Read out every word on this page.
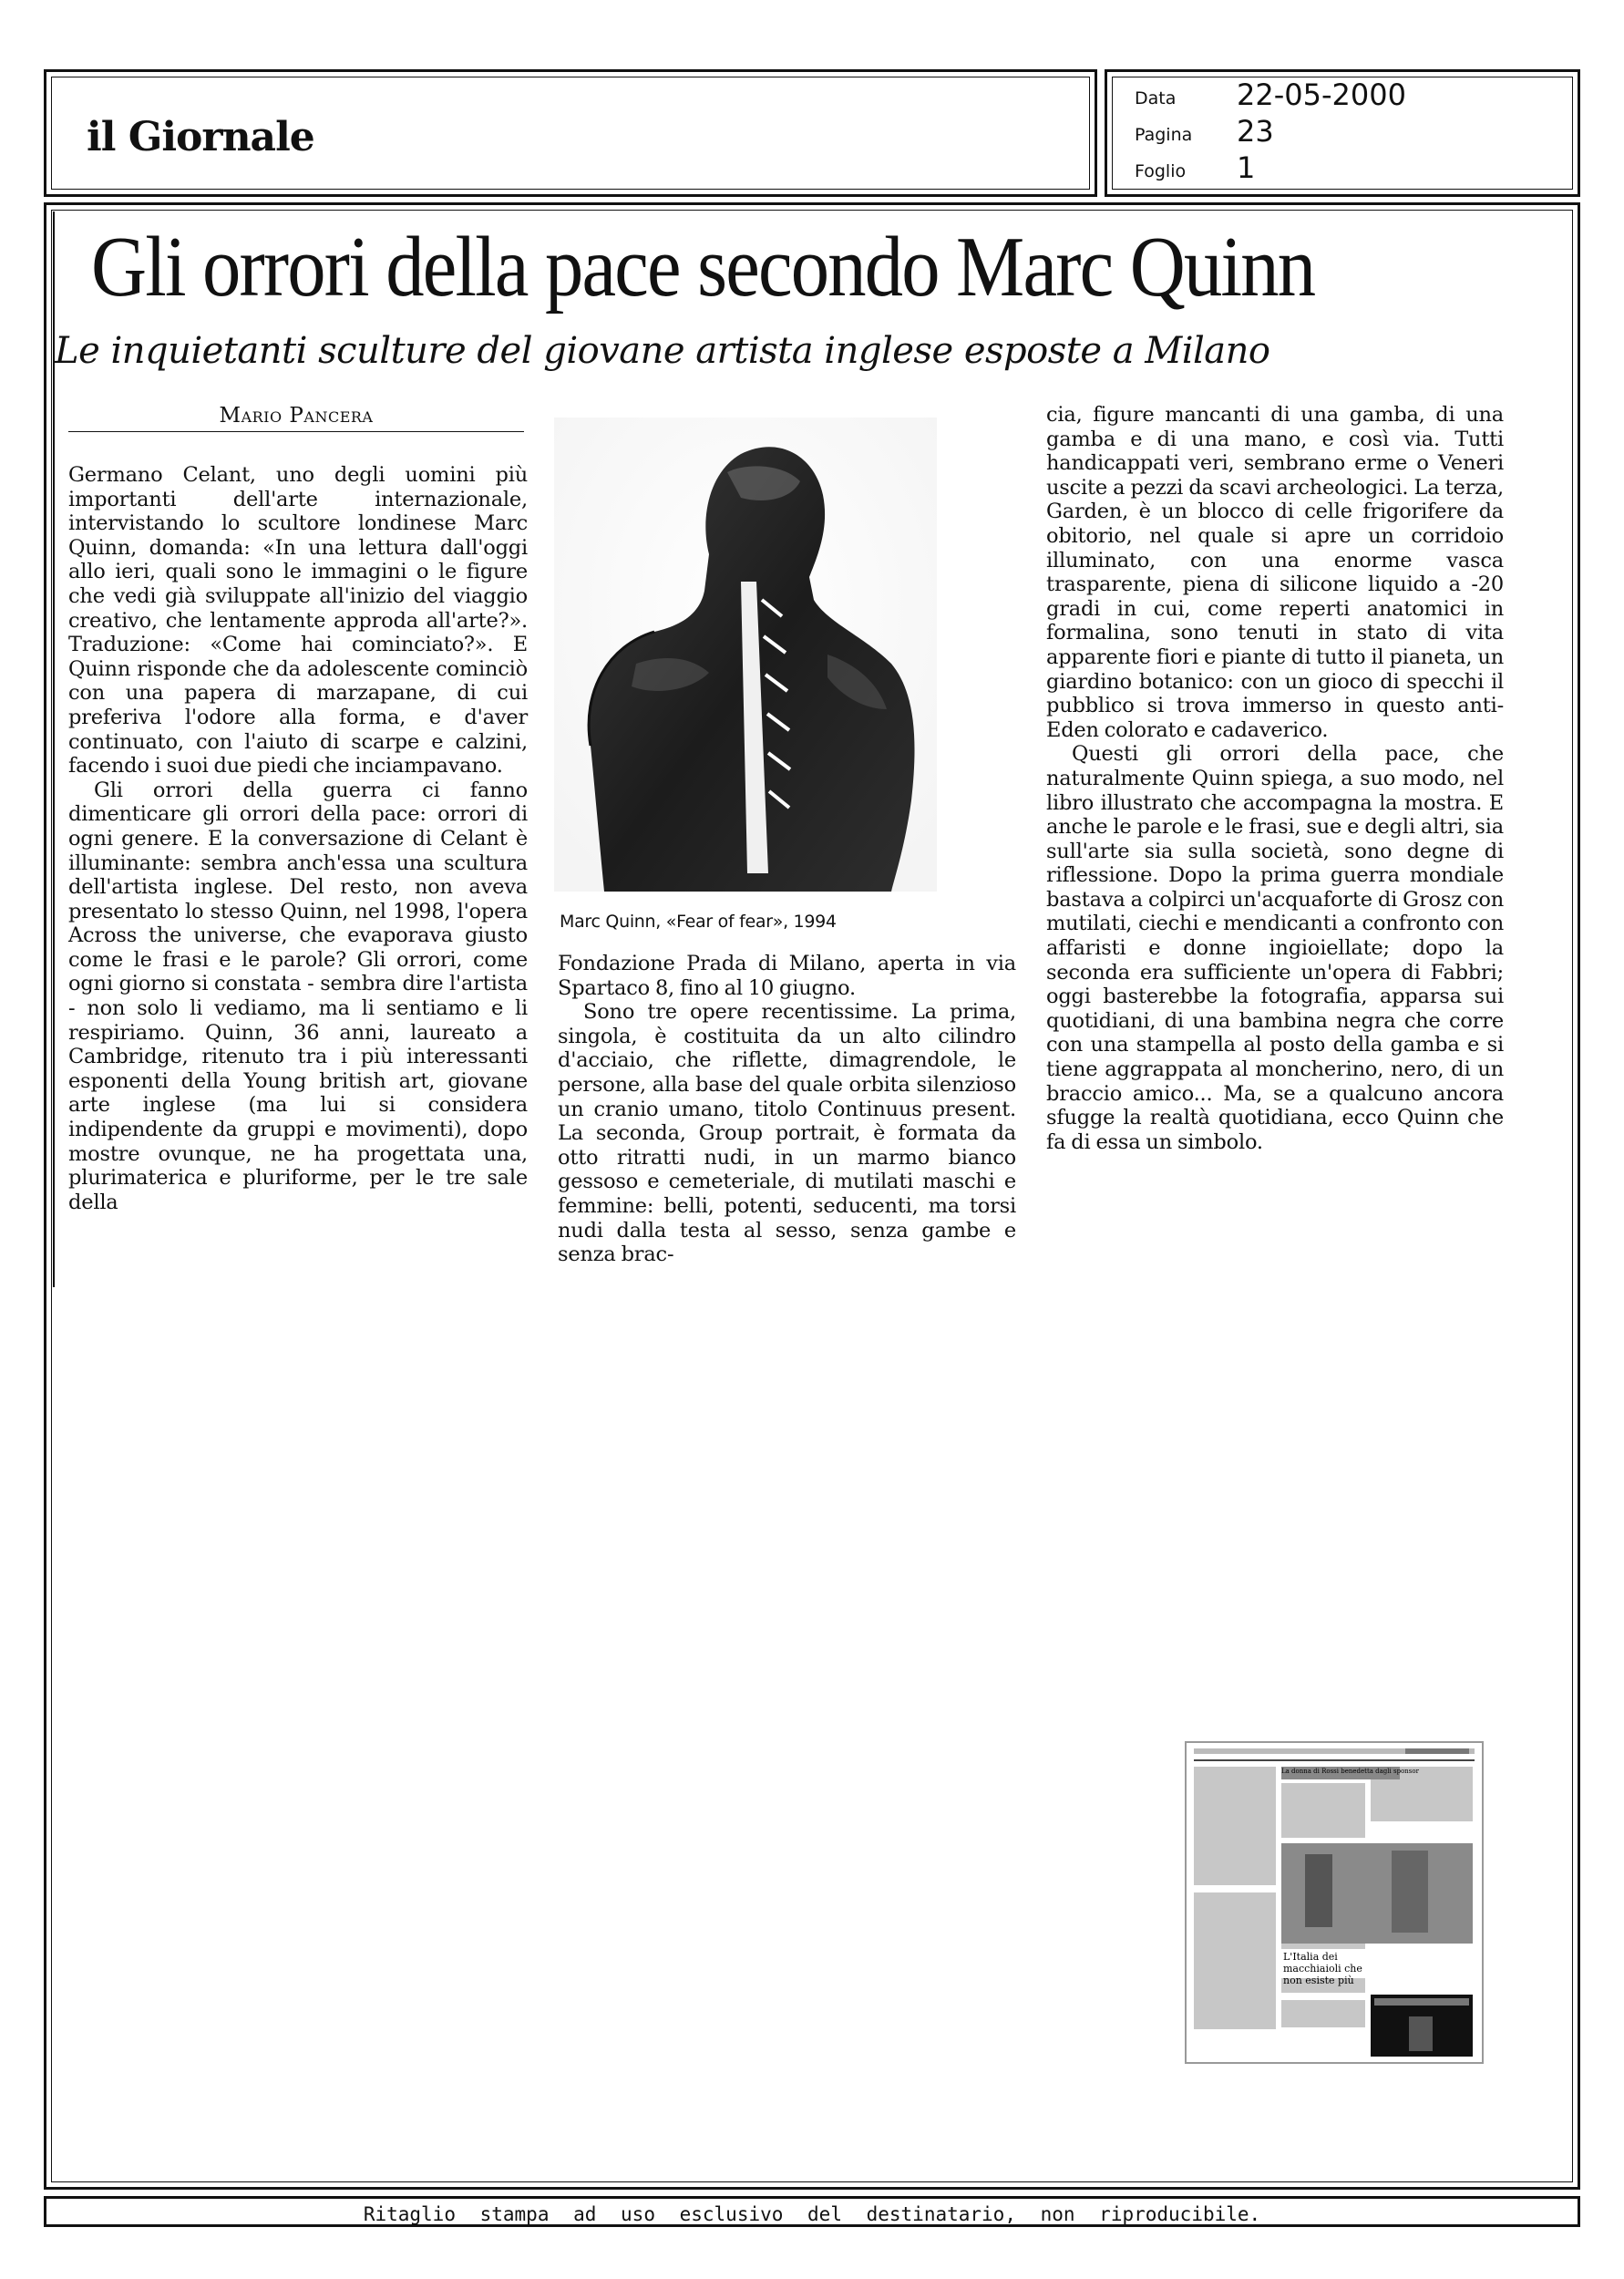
il Giornale
Data 22-05-2000
Pagina 23
Foglio 1
Gli orrori della pace secondo Marc Quinn
Le inquietanti sculture del giovane artista inglese esposte a Milano
Mario Pancera

Germano Celant, uno degli uomini più importanti dell'arte internazionale, intervistando lo scultore londinese Marc Quinn, domanda: «In una lettura dall'oggi allo ieri, quali sono le immagini o le figure che vedi già sviluppate all'inizio del viaggio creativo, che lentamente approda all'arte?». Traduzione: «Come hai cominciato?». E Quinn risponde che da adolescente cominciò con una papera di marzapane, di cui preferiva l'odore alla forma, e d'aver continuato, con l'aiuto di scarpe e calzini, facendo i suoi due piedi che inciampavano.

Gli orrori della guerra ci fanno dimenticare gli orrori della pace: orrori di ogni genere. E la conversazione di Celant è illuminante: sembra anch'essa una scultura dell'artista inglese. Del resto, non aveva presentato lo stesso Quinn, nel 1998, l'opera Across the universe, che evaporava giusto come le frasi e le parole? Gli orrori, come ogni giorno si constata - sembra dire l'artista - non solo li vediamo, ma li sentiamo e li respiriamo. Quinn, 36 anni, laureato a Cambridge, ritenuto tra i più interessanti esponenti della Young british art, giovane arte inglese (ma lui si considera indipendente da gruppi e movimenti), dopo mostre ovunque, ne ha progettata una, plurimaterica e pluriforme, per le tre sale della

Marc Quinn, «Fear of fear», 1994

Fondazione Prada di Milano, aperta in via Spartaco 8, fino al 10 giugno.

Sono tre opere recentissime. La prima, singola, è costituita da un alto cilindro d'acciaio, che riflette, dimagrendole, le persone, alla base del quale orbita silenzioso un cranio umano, titolo Continuus present. La seconda, Group portrait, è formata da otto ritratti nudi, in un marmo bianco gessoso e cemeteriale, di mutilati maschi e femmine: belli, potenti, seducenti, ma torsi nudi dalla testa al sesso, senza gambe e senza brac-

cia, figure mancanti di una gamba, di una gamba e di una mano, e così via. Tutti handicappati veri, sembrano erme o Veneri uscite a pezzi da scavi archeologici. La terza, Garden, è un blocco di celle frigorifere da obitorio, nel quale si apre un corridoio illuminato, con una enorme vasca trasparente, piena di silicone liquido a -20 gradi in cui, come reperti anatomici in formalina, sono tenuti in stato di vita apparente fiori e piante di tutto il pianeta, un giardino botanico: con un gioco di specchi il pubblico si trova immerso in questo anti-Eden colorato e cadaverico.

Questi gli orrori della pace, che naturalmente Quinn spiega, a suo modo, nel libro illustrato che accompagna la mostra. E anche le parole e le frasi, sue e degli altri, sia sull'arte sia sulla società, sono degne di riflessione. Dopo la prima guerra mondiale bastava a colpirci un'acquaforte di Grosz con mutilati, ciechi e mendicanti a confronto con affaristi e donne ingioiellate; dopo la seconda era sufficiente un'opera di Fabbri; oggi basterebbe la fotografia, apparsa sui quotidiani, di una bambina negra che corre con una stampella al posto della gamba e si tiene aggrappata al moncherino, nero, di un braccio amico... Ma, se a qualcuno ancora sfugge la realtà quotidiana, ecco Quinn che fa di essa un simbolo.

La donna di Rossi benedetta dagli sponsor
L'Italia dei macchiaioli che non esiste più
Ritaglio stampa ad uso esclusivo del destinatario, non riproducibile.
